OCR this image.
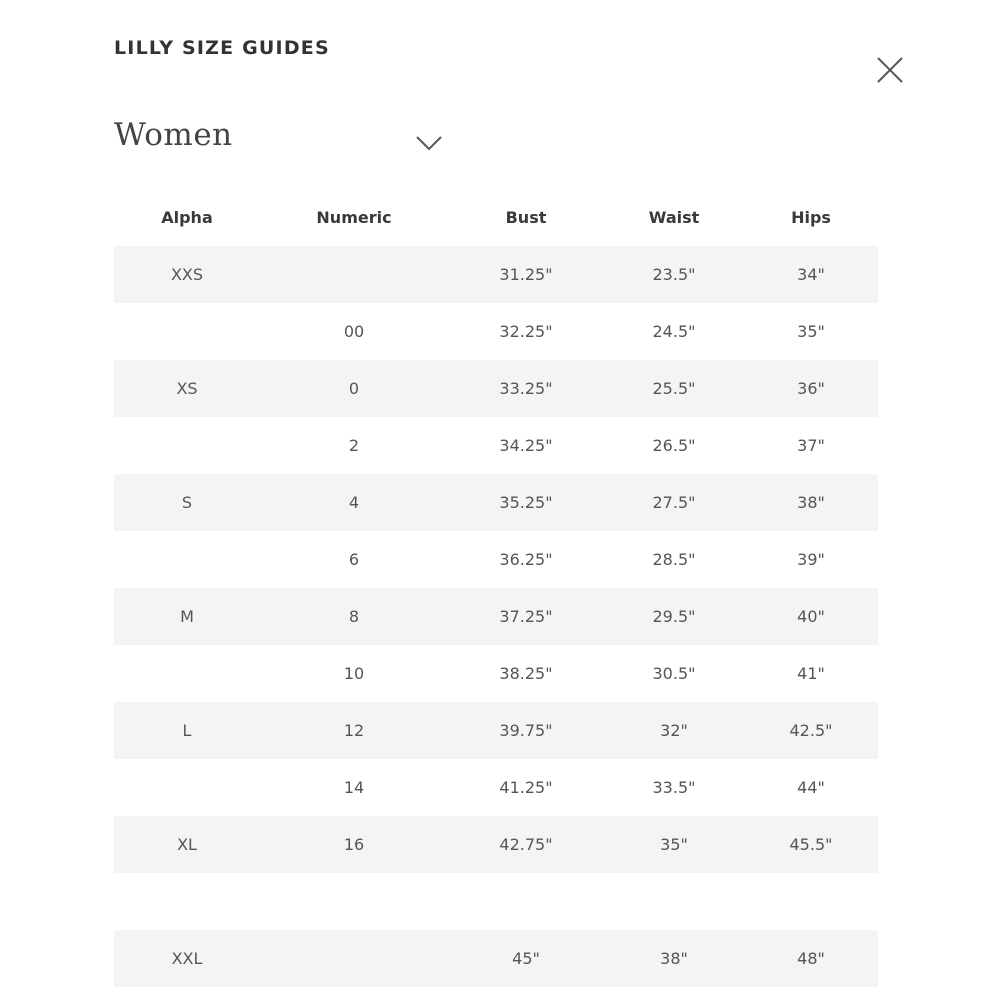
LILLY SIZE GUIDES
Women
Alpha	Numeric	Bust	Waist	Hips
XXS		31.25"	23.5"	34"
	00	32.25"	24.5"	35"
XS	0	33.25"	25.5"	36"
	2	34.25"	26.5"	37"
S	4	35.25"	27.5"	38"
	6	36.25"	28.5"	39"
M	8	37.25"	29.5"	40"
	10	38.25"	30.5"	41"
L	12	39.75"	32"	42.5"
	14	41.25"	33.5"	44"
XL	16	42.75"	35"	45.5"

XXL		45"	38"	48"
